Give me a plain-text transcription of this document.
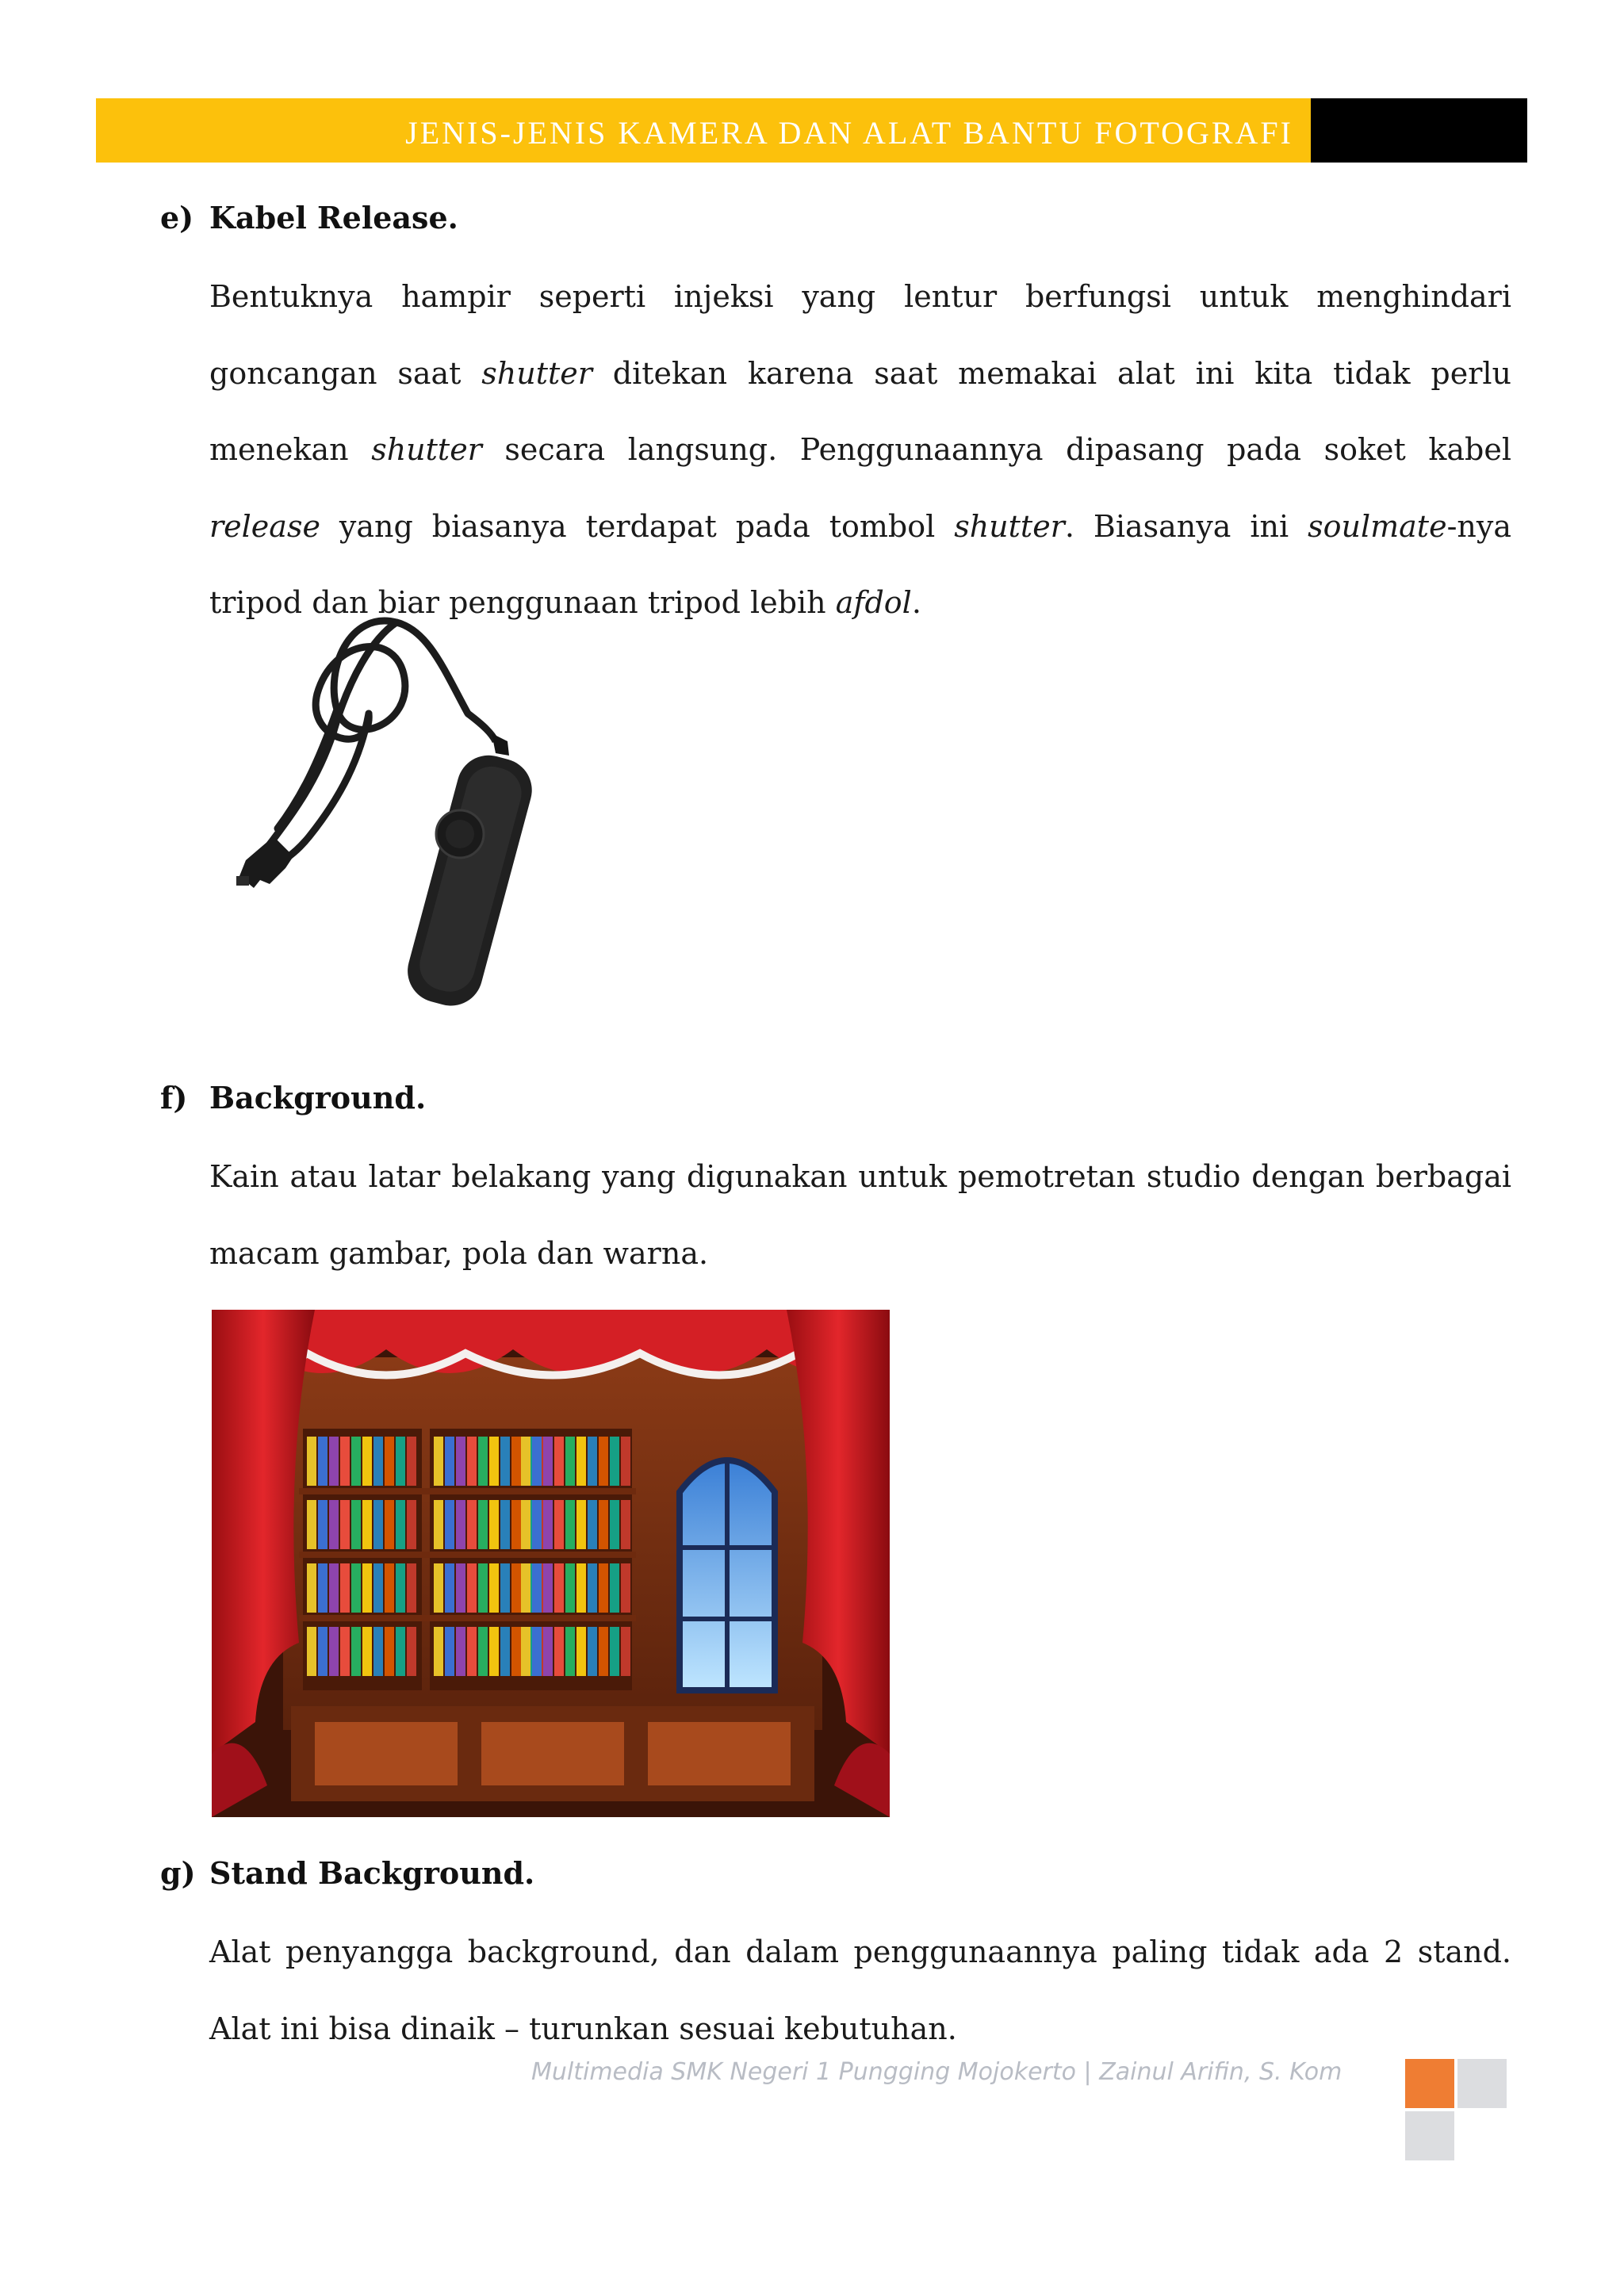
JENIS-JENIS KAMERA DAN ALAT BANTU FOTOGRAFI
e) Kabel Release.

Bentuknya hampir seperti injeksi yang lentur berfungsi untuk menghindari goncangan saat shutter ditekan karena saat memakai alat ini kita tidak perlu menekan shutter secara langsung. Penggunaannya dipasang pada soket kabel release yang biasanya terdapat pada tombol shutter. Biasanya ini soulmate-nya tripod dan biar penggunaan tripod lebih afdol.

f) Background.

Kain atau latar belakang yang digunakan untuk pemotretan studio dengan berbagai macam gambar, pola dan warna.

g) Stand Background.

Alat penyangga background, dan dalam penggunaannya paling tidak ada 2 stand. Alat ini bisa dinaik – turunkan sesuai kebutuhan.

Multimedia SMK Negeri 1 Pungging Mojokerto | Zainul Arifin, S. Kom
